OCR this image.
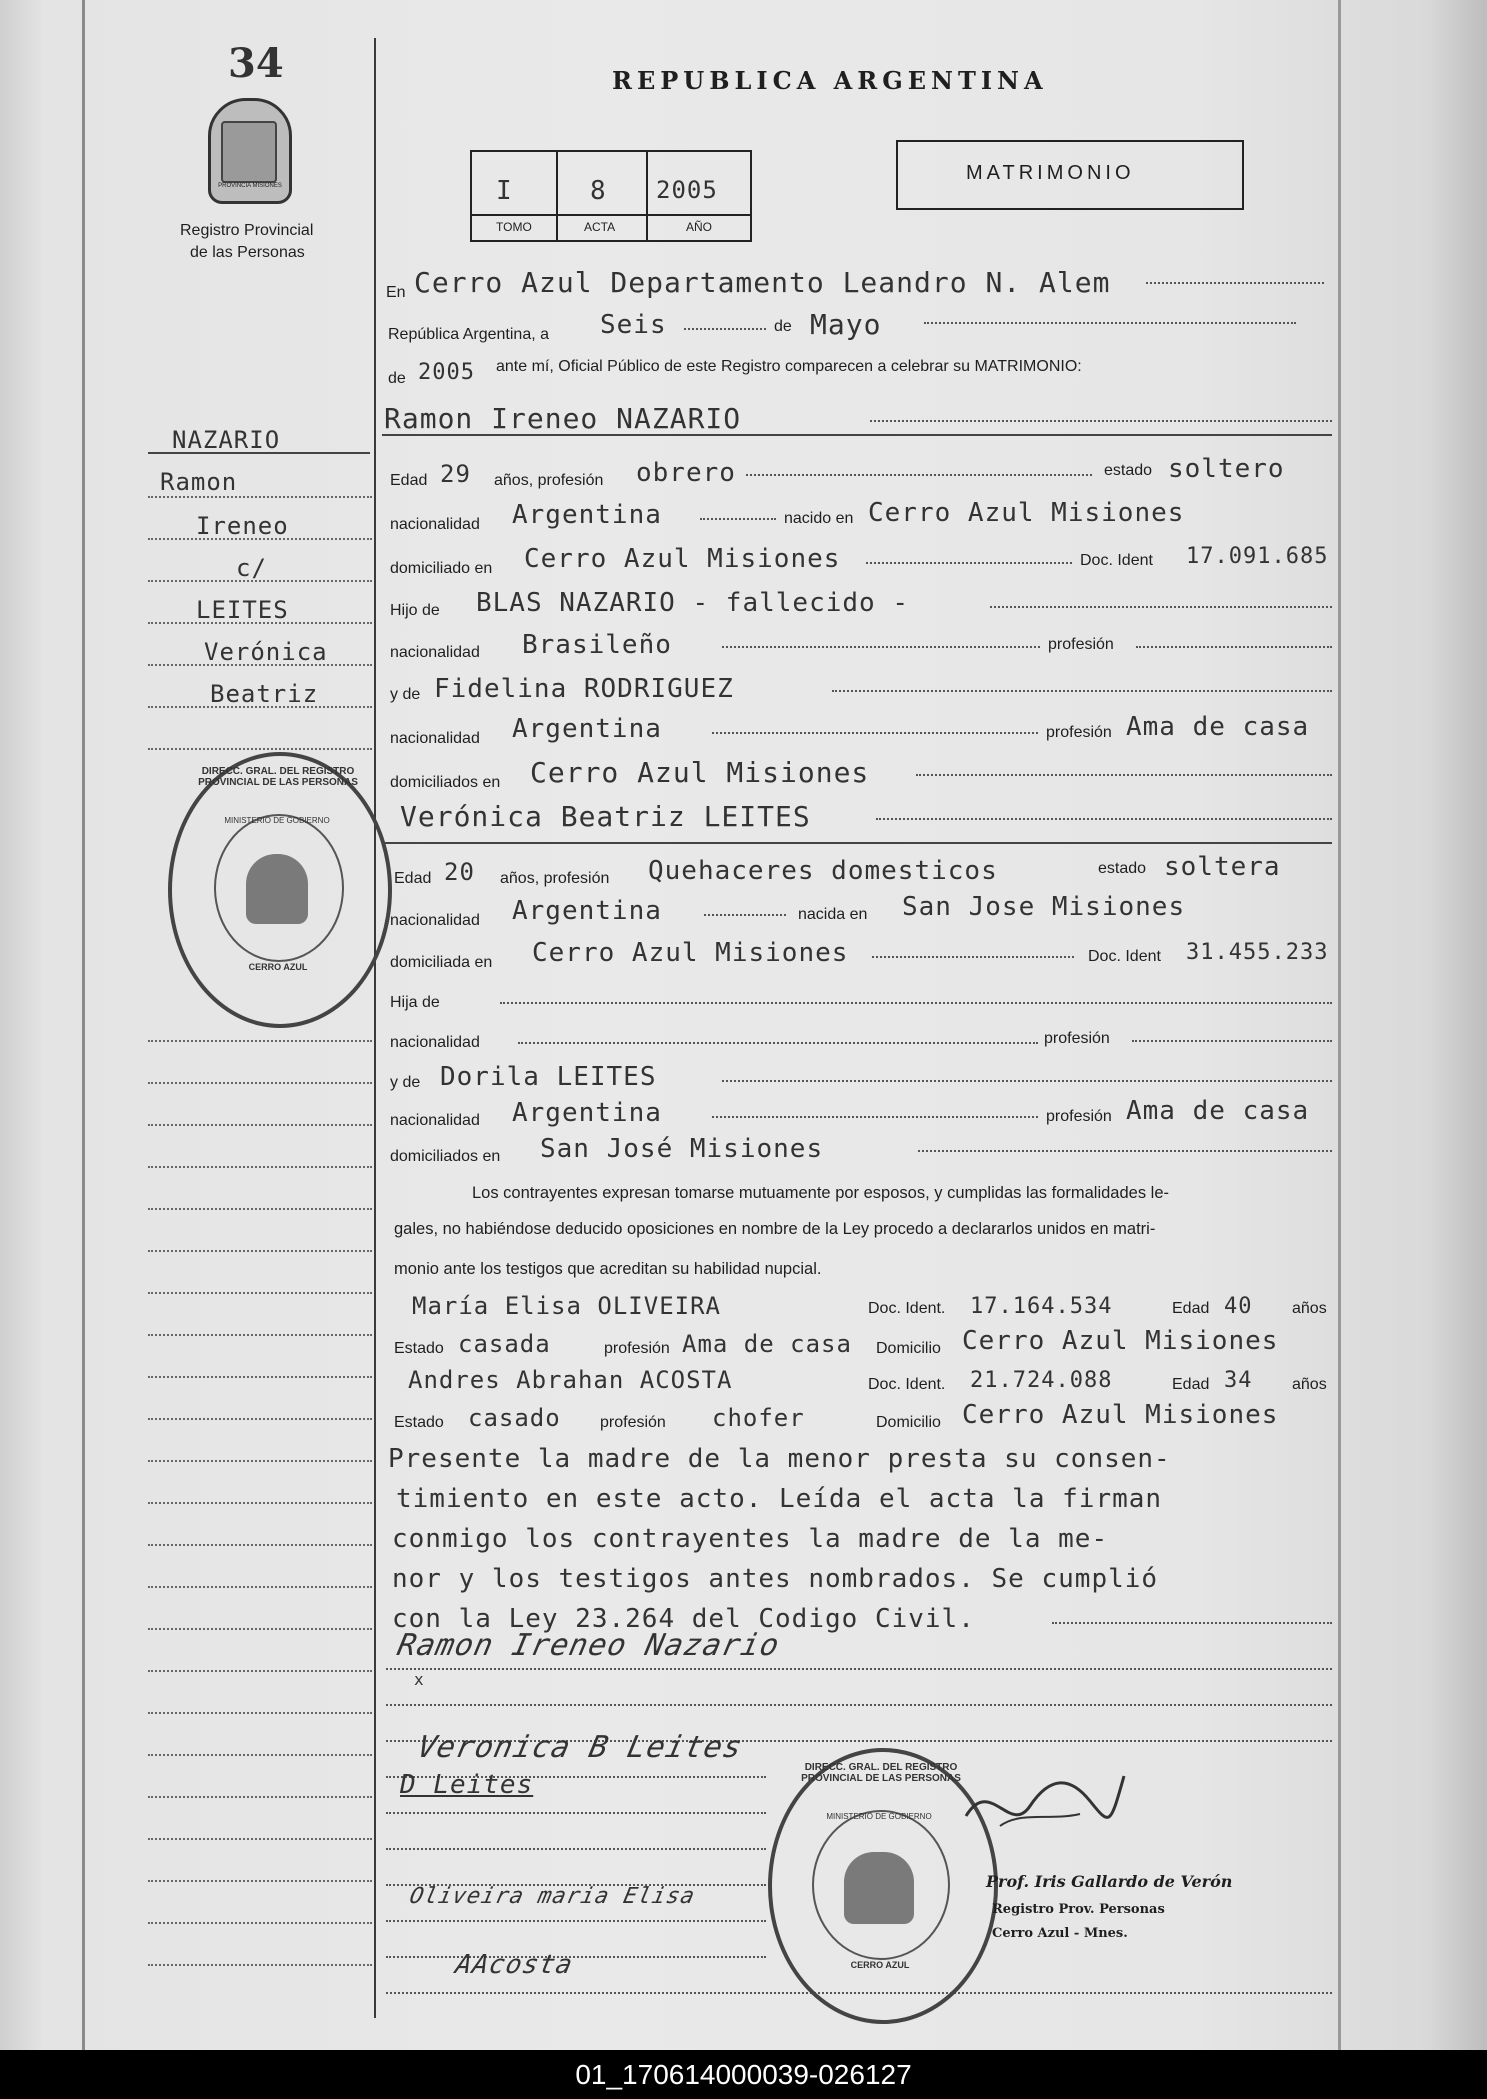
34
PROVINCIA MISIONES
Registro Provincial
de las Personas
REPUBLICA ARGENTINA
I	8 2005
TOMO	ACTA	AÑO
MATRIMONIO
NAZARIO
Ramon
Ireneo
c/
LEITES
Verónica
Beatriz
DIRECC. GRAL. DEL REGISTRO PROVINCIAL DE LAS PERSONAS
MINISTERIO DE GOBIERNO
CERRO AZUL
En Cerro Azul Departamento Leandro N. Alem
República Argentina, a Seis	de Mayo
de 2005 ante mí, Oficial Público de este Registro comparecen a celebrar su MATRIMONIO:
Ramon Ireneo NAZARIO
Edad 29 años, profesión obrero	estado soltero
nacionalidad Argentina	nacido en Cerro Azul Misiones
domiciliado en Cerro Azul Misiones	Doc. Ident 17.091.685
Hijo de BLAS NAZARIO - fallecido -
nacionalidad Brasileño	profesión
y de Fidelina RODRIGUEZ
nacionalidad Argentina	profesión Ama de casa
domiciliados en Cerro Azul Misiones
Verónica Beatriz LEITES
Edad 20 años, profesión Quehaceres domesticos	estado soltera
nacionalidad Argentina	nacida en San Jose Misiones
domiciliada en Cerro Azul Misiones	Doc. Ident 31.455.233
Hija de
nacionalidad	profesión
y de Dorila LEITES
nacionalidad Argentina	profesión Ama de casa
domiciliados en San José Misiones
Los contrayentes expresan tomarse mutuamente por esposos, y cumplidas las formalidades le-
gales, no habiéndose deducido oposiciones en nombre de la Ley procedo a declararlos unidos en matri-
monio ante los testigos que acreditan su habilidad nupcial.
María Elisa OLIVEIRA	Doc. Ident. 17.164.534	Edad 40 años
Estado casada	profesión Ama de casa Domicilio Cerro Azul Misiones
Andres Abrahan ACOSTA	Doc. Ident. 21.724.088	Edad 34 años
Estado casado profesión chofer	Domicilio Cerro Azul Misiones
Presente la madre de la menor presta su consen-
timiento en este acto. Leída el acta la firman
conmigo los contrayentes la madre de la me-
nor y los testigos antes nombrados. Se cumplió
con la Ley 23.264 del Codigo Civil.
Ramon Ireneo Nazario
x
Veronica B Leites
D Leites
Oliveira maria Elisa
AAcosta
DIRECC. GRAL. DEL REGISTRO PROVINCIAL DE LAS PERSONAS
MINISTERIO DE GOBIERNO
CERRO AZUL
Prof. Iris Gallardo de Verón
Registro Prov. Personas
Cerro Azul - Mnes.
01_170614000039-026127
